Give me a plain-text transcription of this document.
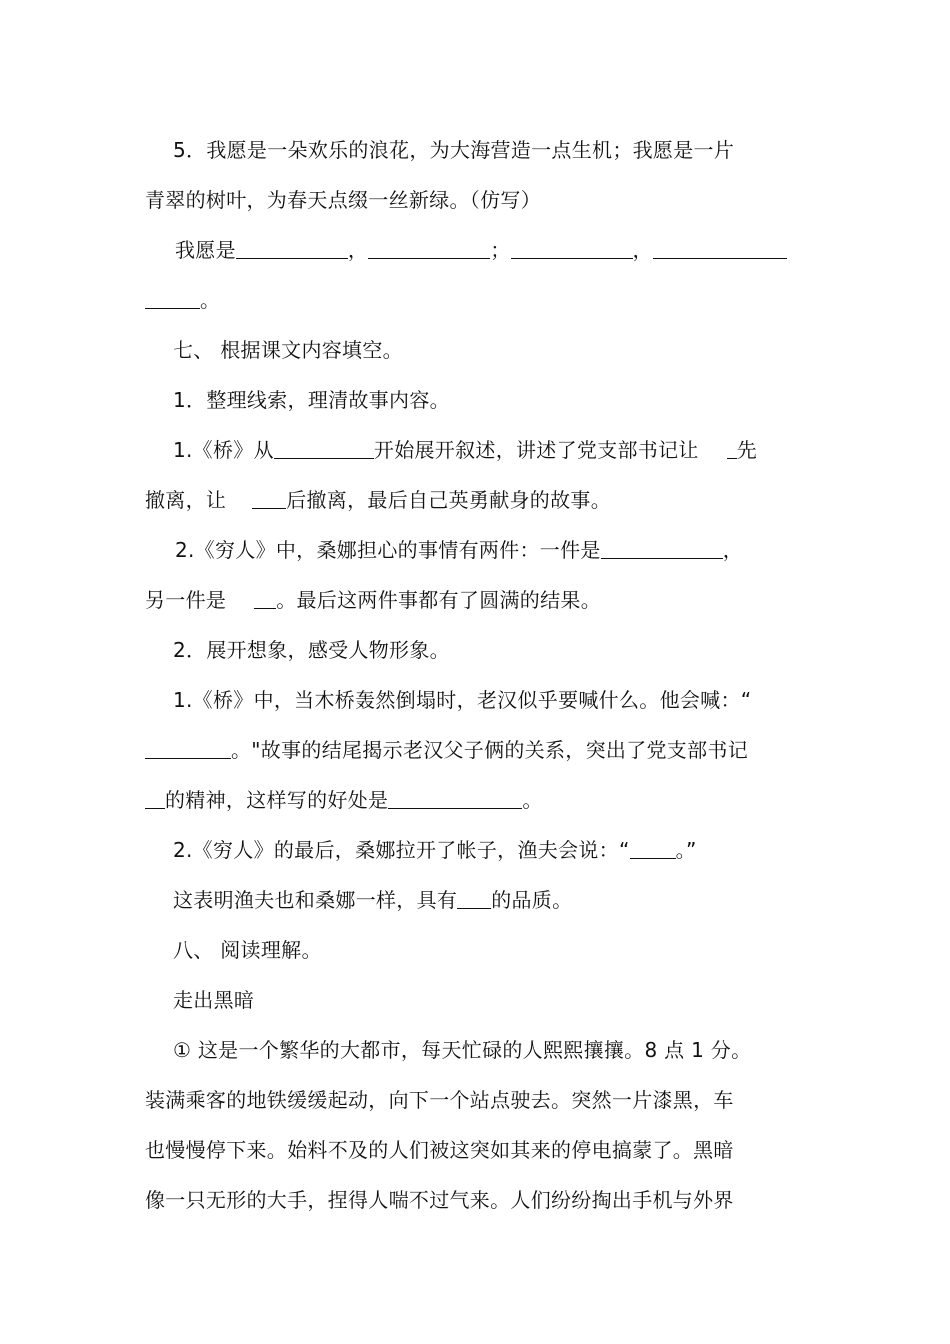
5．我愿是一朵欢乐的浪花，为大海营造一点生机；我愿是一片
青翠的树叶，为春天点缀一丝新绿。（仿写）
我愿是	，	；	，
。
七、 根据课文内容填空。
1．整理线索，理清故事内容。
1.《桥》从	开始展开叙述，讲述了党支部书记让 先
撤离，让	后撤离，最后自己英勇献身的故事。
2.《穷人》中，桑娜担心的事情有两件：一件是	，
另一件是	。最后这两件事都有了圆满的结果。
2．展开想象，感受人物形象。
1.《桥》中，当木桥轰然倒塌时，老汉似乎要喊什么。他会喊：“
。"故事的结尾揭示老汉父子俩的关系，突出了党支部书记
的精神，这样写的好处是	。
2.《穷人》的最后，桑娜拉开了帐子，渔夫会说：“ 。”
这表明渔夫也和桑娜一样，具有 的品质。
八、 阅读理解。
走出黑暗
① 这是一个繁华的大都市，每天忙碌的人熙熙攘攘。8 点 1 分。
装满乘客的地铁缓缓起动，向下一个站点驶去。突然一片漆黑，车
也慢慢停下来。始料不及的人们被这突如其来的停电搞蒙了。黑暗
像一只无形的大手，捏得人喘不过气来。人们纷纷掏出手机与外界
